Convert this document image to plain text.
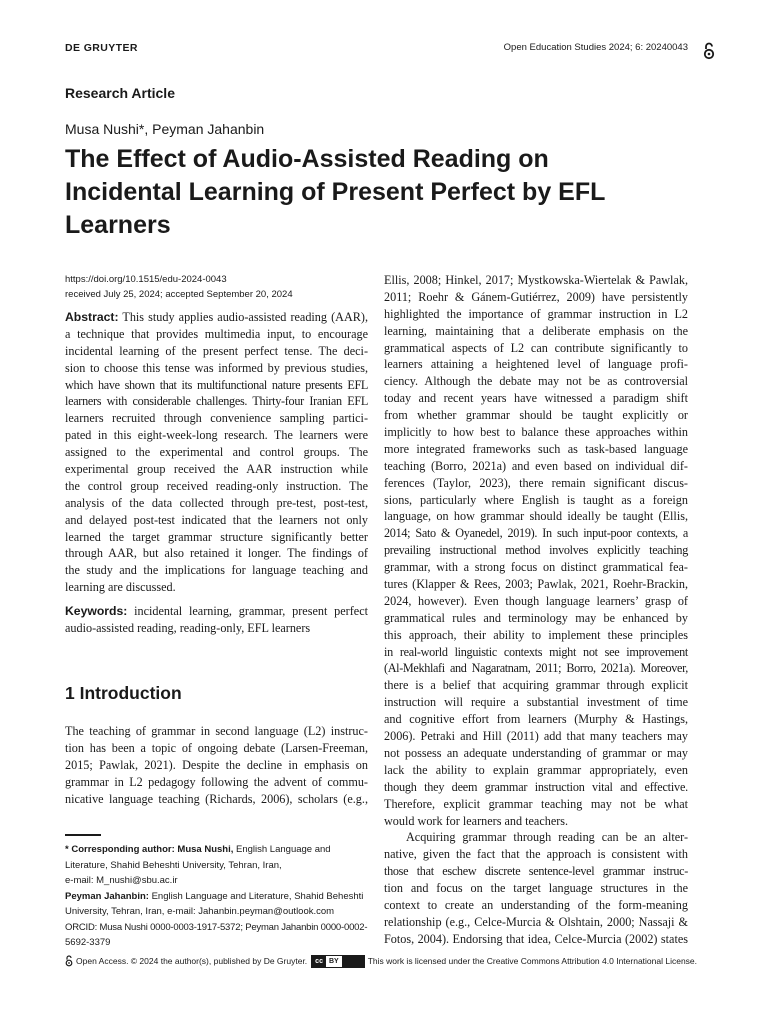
DE GRUYTER	Open Education Studies 2024; 6: 20240043
Research Article
Musa Nushi*, Peyman Jahanbin
The Effect of Audio-Assisted Reading on
Incidental Learning of Present Perfect by EFL
Learners
https://doi.org/10.1515/edu-2024-0043
received July 25, 2024; accepted September 20, 2024
Abstract: This study applies audio-assisted reading (AAR),
a technique that provides multimedia input, to encourage
incidental learning of the present perfect tense. The deci-
sion to choose this tense was informed by previous studies,
which have shown that its multifunctional nature presents EFL
learners with considerable challenges. Thirty-four Iranian EFL
learners recruited through convenience sampling partici-
pated in this eight-week-long research. The learners were
assigned to the experimental and control groups. The
experimental group received the AAR instruction while
the control group received reading-only instruction. The
analysis of the data collected through pre-test, post-test,
and delayed post-test indicated that the learners not only
learned the target grammar structure significantly better
through AAR, but also retained it longer. The findings of
the study and the implications for language teaching and
learning are discussed.
Keywords: incidental learning, grammar, present perfect
audio-assisted reading, reading-only, EFL learners
1 Introduction
The teaching of grammar in second language (L2) instruc-
tion has been a topic of ongoing debate (Larsen-Freeman,
2015; Pawlak, 2021). Despite the decline in emphasis on
grammar in L2 pedagogy following the advent of commu-
nicative language teaching (Richards, 2006), scholars (e.g.,
* Corresponding author: Musa Nushi, English Language and
Literature, Shahid Beheshti University, Tehran, Iran,
e-mail: M_nushi@sbu.ac.ir
Peyman Jahanbin: English Language and Literature, Shahid Beheshti
University, Tehran, Iran, e-mail: Jahanbin.peyman@outlook.com
ORCID: Musa Nushi 0000-0003-1917-5372; Peyman Jahanbin 0000-0002-
5692-3379
Ellis, 2008; Hinkel, 2017; Mystkowska-Wiertelak & Pawlak,
2011; Roehr & Gánem-Gutiérrez, 2009) have persistently
highlighted the importance of grammar instruction in L2
learning, maintaining that a deliberate emphasis on the
grammatical aspects of L2 can contribute significantly to
learners attaining a heightened level of language profi-
ciency. Although the debate may not be as controversial
today and recent years have witnessed a paradigm shift
from whether grammar should be taught explicitly or
implicitly to how best to balance these approaches within
more integrated frameworks such as task-based language
teaching (Borro, 2021a) and even based on individual dif-
ferences (Taylor, 2023), there remain significant discus-
sions, particularly where English is taught as a foreign
language, on how grammar should ideally be taught (Ellis,
2014; Sato & Oyanedel, 2019). In such input-poor contexts, a
prevailing instructional method involves explicitly teaching
grammar, with a strong focus on distinct grammatical fea-
tures (Klapper & Rees, 2003; Pawlak, 2021, Roehr-Brackin,
2024, however). Even though language learners’ grasp of
grammatical rules and terminology may be enhanced by
this approach, their ability to implement these principles
in real-world linguistic contexts might not see improvement
(Al-Mekhlafi and Nagaratnam, 2011; Borro, 2021a). Moreover,
there is a belief that acquiring grammar through explicit
instruction will require a substantial investment of time
and cognitive effort from learners (Murphy & Hastings,
2006). Petraki and Hill (2011) add that many teachers may
not possess an adequate understanding of grammar or may
lack the ability to explain grammar appropriately, even
though they deem grammar instruction vital and effective.
Therefore, explicit grammar teaching may not be what
would work for learners and teachers.
Acquiring grammar through reading can be an alter-
native, given the fact that the approach is consistent with
those that eschew discrete sentence-level grammar instruc-
tion and focus on the target language structures in the
context to create an understanding of the form-meaning
relationship (e.g., Celce-Murcia & Olshtain, 2000; Nassaji &
Fotos, 2004). Endorsing that idea, Celce-Murcia (2002) states
Open Access. © 2024 the author(s), published by De Gruyter.	cc BY	This work is licensed under the Creative Commons Attribution 4.0 International License.
